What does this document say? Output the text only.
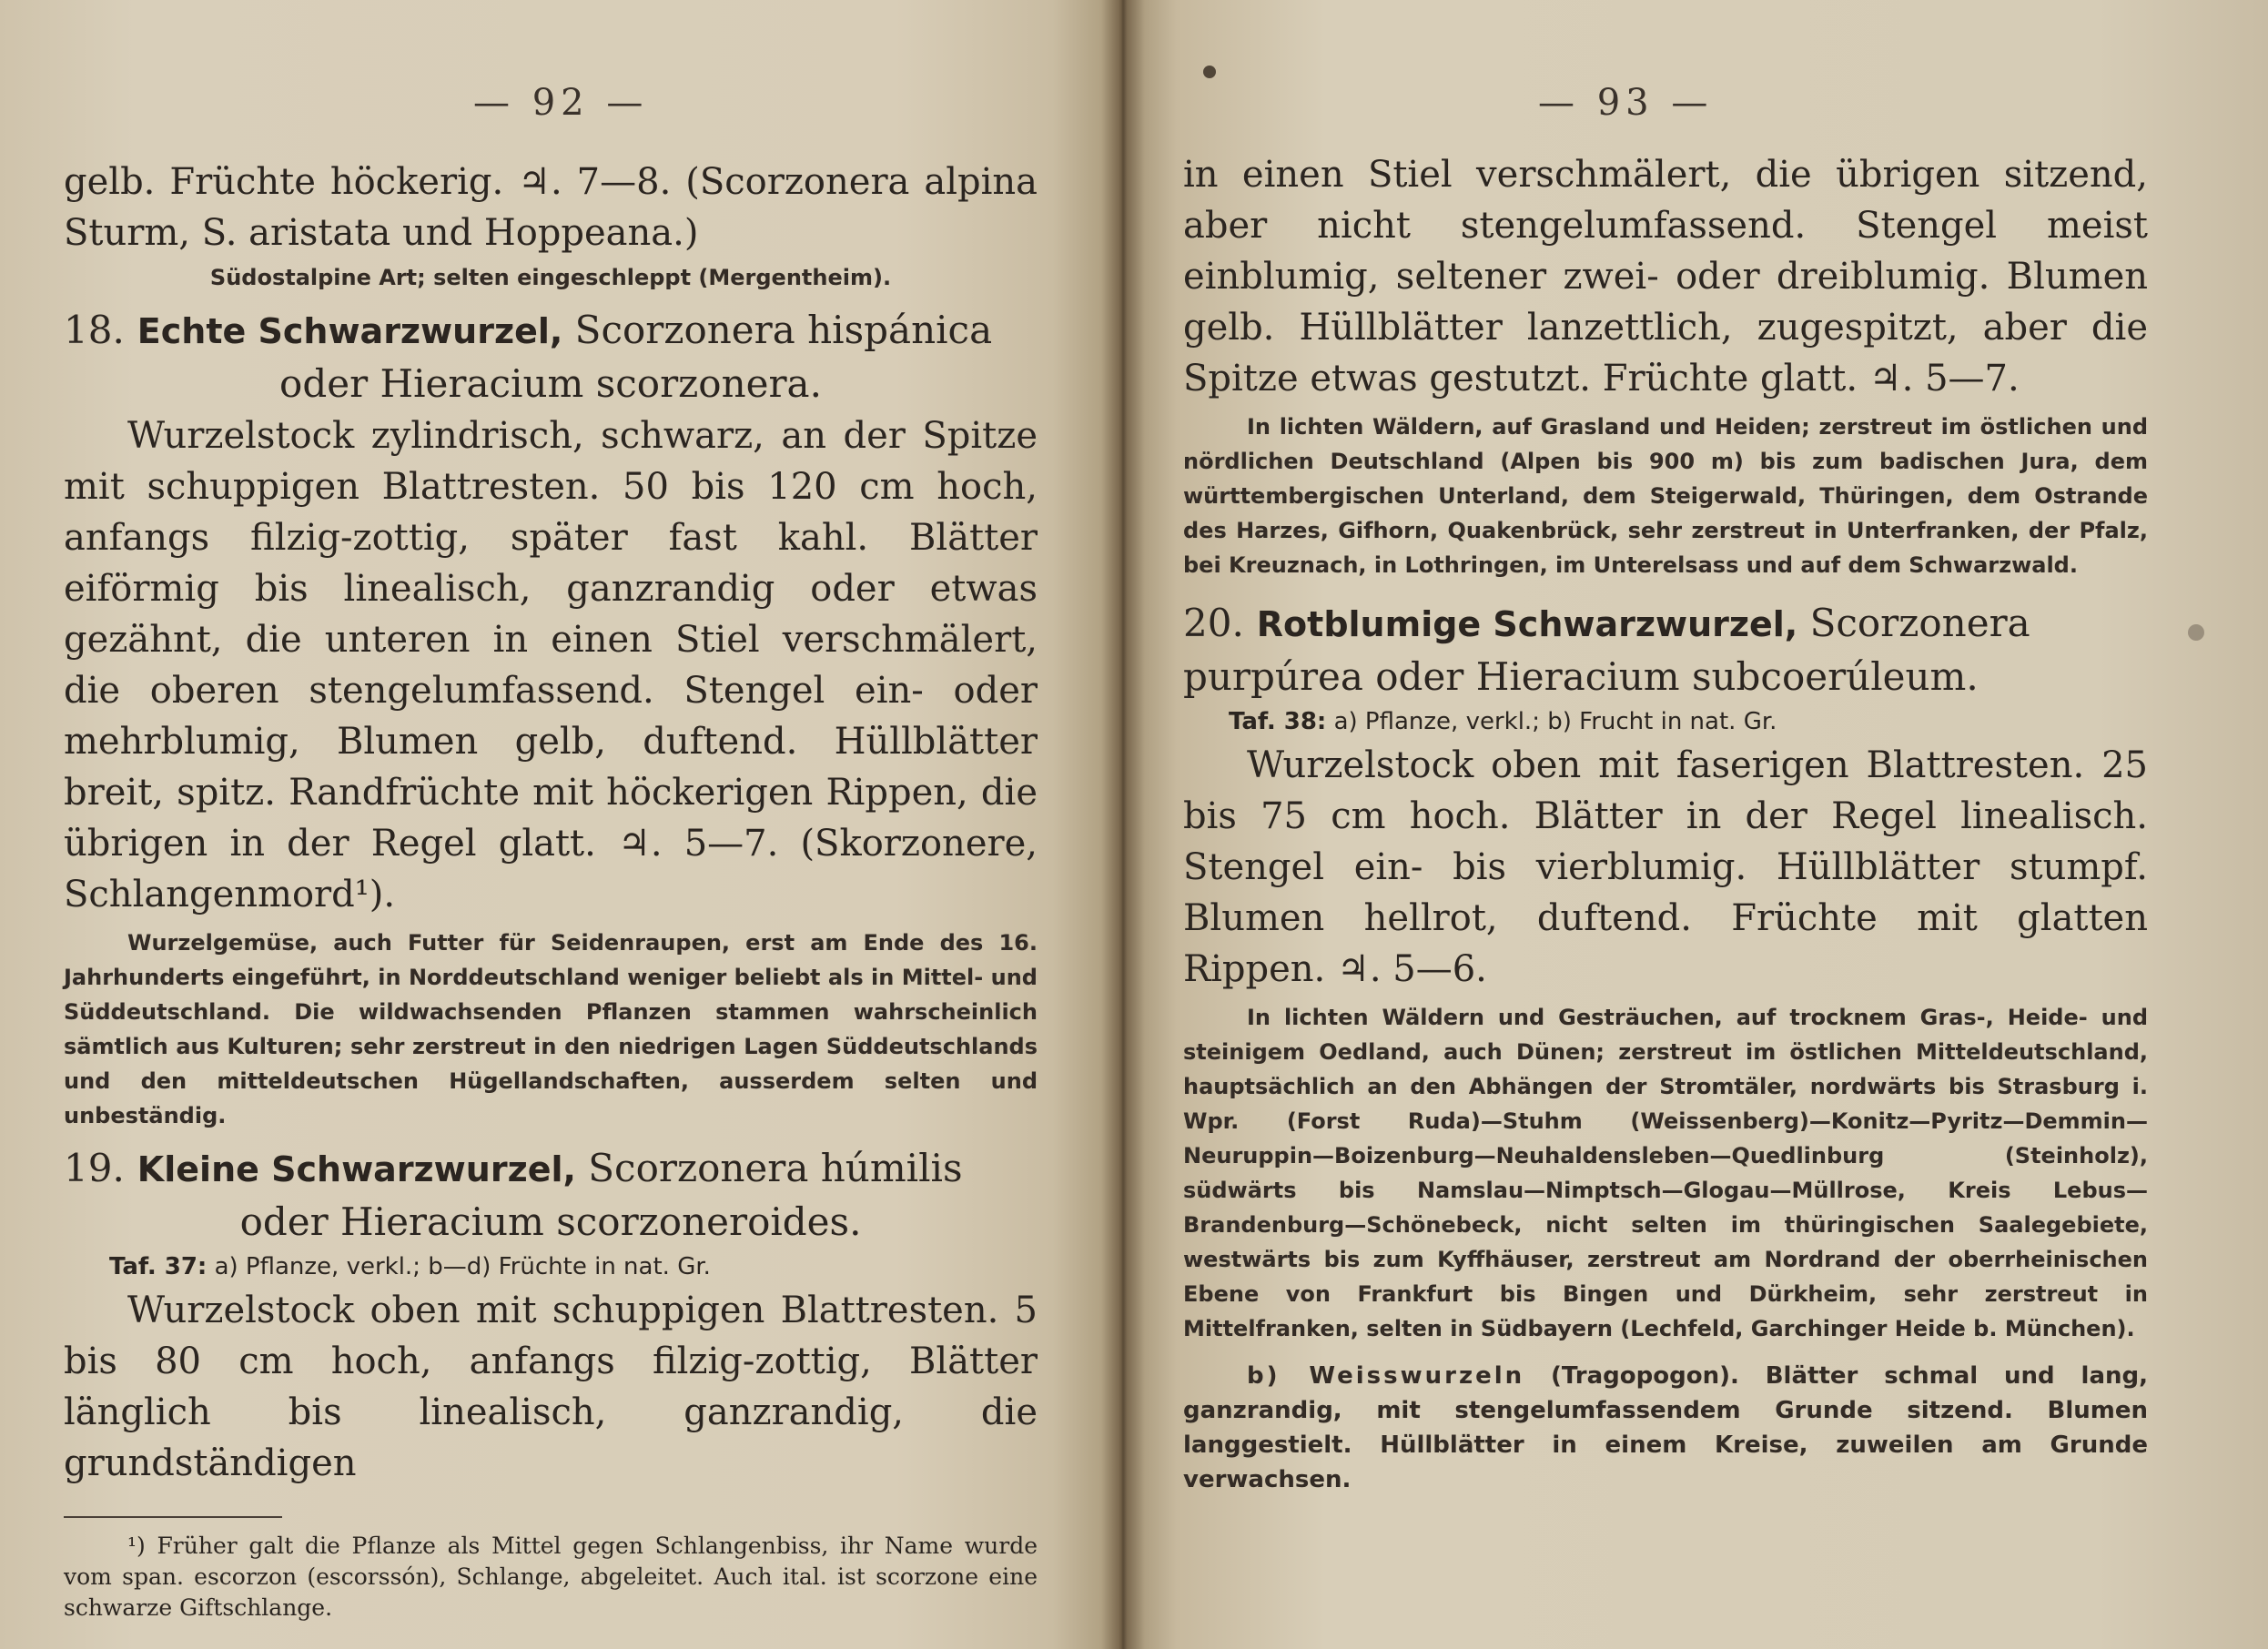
— 92 —	— 93 —

gelb. Früchte höckerig. ♃. 7—8. (Scorzonera alpina Sturm, S. aristata und Hoppeana.)

Südostalpine Art; selten eingeschleppt (Mergentheim).

18. Echte Schwarzwurzel, Scorzonera hispánica
oder Hieracium scorzonera.

Wurzelstock zylindrisch, schwarz, an der Spitze mit schuppigen Blattresten. 50 bis 120 cm hoch, anfangs filzig-zottig, später fast kahl. Blätter eiförmig bis linealisch, ganzrandig oder etwas gezähnt, die unteren in einen Stiel verschmälert, die oberen stengelumfassend. Stengel ein- oder mehrblumig, Blumen gelb, duftend. Hüllblätter breit, spitz. Randfrüchte mit höckerigen Rippen, die übrigen in der Regel glatt. ♃. 5—7. (Skorzonere, Schlangenmord¹).

Wurzelgemüse, auch Futter für Seidenraupen, erst am Ende des 16. Jahrhunderts eingeführt, in Norddeutschland weniger beliebt als in Mittel- und Süddeutschland. Die wildwachsenden Pflanzen stammen wahrscheinlich sämtlich aus Kulturen; sehr zerstreut in den niedrigen Lagen Süddeutschlands und den mitteldeutschen Hügellandschaften, ausserdem selten und unbeständig.

19. Kleine Schwarzwurzel, Scorzonera húmilis
oder Hieracium scorzoneroides.

Taf. 37: a) Pflanze, verkl.; b—d) Früchte in nat. Gr.

Wurzelstock oben mit schuppigen Blattresten. 5 bis 80 cm hoch, anfangs filzig-zottig, Blätter länglich bis linealisch, ganzrandig, die grundständigen

¹) Früher galt die Pflanze als Mittel gegen Schlangenbiss, ihr Name wurde vom span. escorzon (escorssón), Schlange, abgeleitet. Auch ital. ist scorzone eine schwarze Giftschlange.

in einen Stiel verschmälert, die übrigen sitzend, aber nicht stengelumfassend. Stengel meist einblumig, seltener zwei- oder dreiblumig. Blumen gelb. Hüllblätter lanzettlich, zugespitzt, aber die Spitze etwas gestutzt. Früchte glatt. ♃. 5—7.

In lichten Wäldern, auf Grasland und Heiden; zerstreut im östlichen und nördlichen Deutschland (Alpen bis 900 m) bis zum badischen Jura, dem württembergischen Unterland, dem Steigerwald, Thüringen, dem Ostrande des Harzes, Gifhorn, Quakenbrück, sehr zerstreut in Unterfranken, der Pfalz, bei Kreuznach, in Lothringen, im Unterelsass und auf dem Schwarzwald.

20. Rotblumige Schwarzwurzel, Scorzonera purpúrea oder Hieracium subcoerúleum.

Taf. 38: a) Pflanze, verkl.; b) Frucht in nat. Gr.

Wurzelstock oben mit faserigen Blattresten. 25 bis 75 cm hoch. Blätter in der Regel linealisch. Stengel ein- bis vierblumig. Hüllblätter stumpf. Blumen hellrot, duftend. Früchte mit glatten Rippen. ♃. 5—6.

In lichten Wäldern und Gesträuchen, auf trocknem Gras-, Heide- und steinigem Oedland, auch Dünen; zerstreut im östlichen Mitteldeutschland, hauptsächlich an den Abhängen der Stromtäler, nordwärts bis Strasburg i. Wpr. (Forst Ruda)—Stuhm (Weissenberg)—Konitz—Pyritz—Demmin—Neuruppin—Boizenburg—Neuhaldensleben—Quedlinburg (Steinholz), südwärts bis Namslau—Nimptsch—Glogau—Müllrose, Kreis Lebus—Brandenburg—Schönebeck, nicht selten im thüringischen Saalegebiete, westwärts bis zum Kyffhäuser, zerstreut am Nordrand der oberrheinischen Ebene von Frankfurt bis Bingen und Dürkheim, sehr zerstreut in Mittelfranken, selten in Südbayern (Lechfeld, Garchinger Heide b. München).

b) Weisswurzeln (Tragopogon). Blätter schmal und lang, ganzrandig, mit stengelumfassendem Grunde sitzend. Blumen langgestielt. Hüllblätter in einem Kreise, zuweilen am Grunde verwachsen.
